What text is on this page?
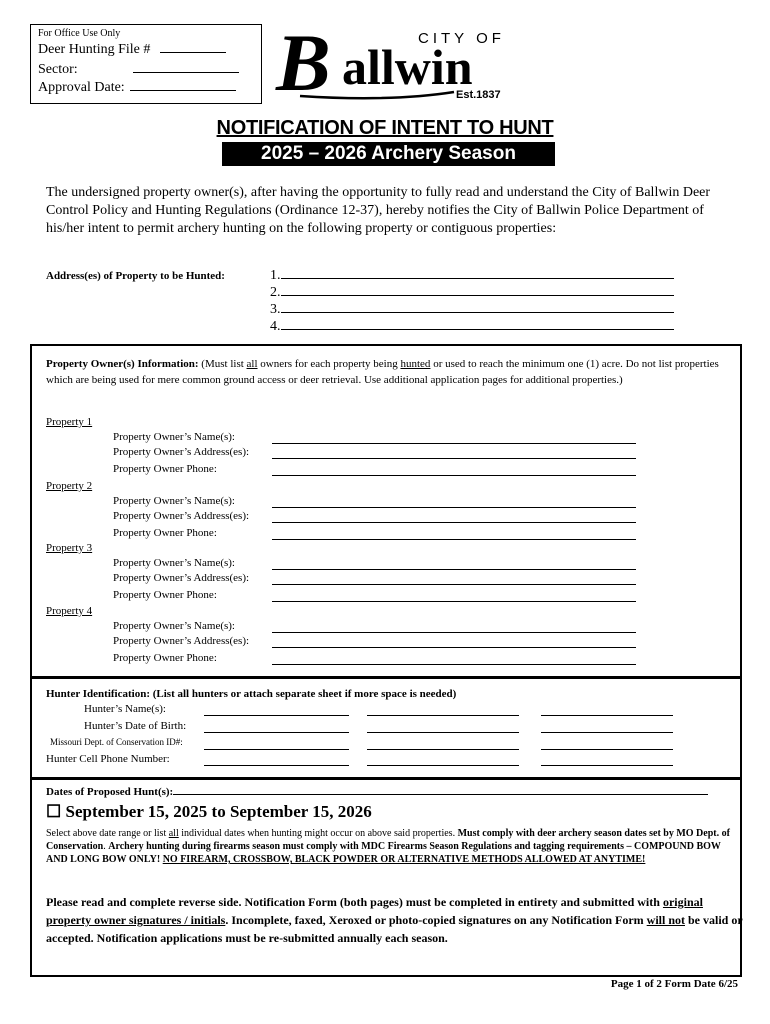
For Office Use Only
Deer Hunting File #
Sector:
Approval Date:	B	CITY OF
allwin
Est.1837
NOTIFICATION OF INTENT TO HUNT
2025 – 2026 Archery Season
The undersigned property owner(s), after having the opportunity to fully read and understand the City of Ballwin Deer Control Policy and Hunting Regulations (Ordinance 12-37), hereby notifies the City of Ballwin Police Department of his/her intent to permit archery hunting on the following property or contiguous properties:
Address(es) of Property to be Hunted:	1.
2.
3.
4.
Property Owner(s) Information: (Must list all owners for each property being hunted or used to reach the minimum one (1) acre. Do not list properties which are being used for mere common ground access or deer retrieval. Use additional application pages for additional properties.)
Property 1
Property Owner’s Name(s):
Property Owner’s Address(es):
Property Owner Phone:
Property 2
Property Owner’s Name(s):
Property Owner’s Address(es):
Property Owner Phone:
Property 3
Property Owner’s Name(s):
Property Owner’s Address(es):
Property Owner Phone:
Property 4
Property Owner’s Name(s):
Property Owner’s Address(es):
Property Owner Phone:
Hunter Identification: (List all hunters or attach separate sheet if more space is needed)
Hunter’s Name(s):
Hunter’s Date of Birth:
Missouri Dept. of Conservation ID#:
Hunter Cell Phone Number:
Dates of Proposed Hunt(s):
☐ September 15, 2025 to September 15, 2026
Select above date range or list all individual dates when hunting might occur on above said properties. Must comply with deer archery season dates set by MO Dept. of Conservation. Archery hunting during firearms season must comply with MDC Firearms Season Regulations and tagging requirements – COMPOUND BOW AND LONG BOW ONLY! NO FIREARM, CROSSBOW, BLACK POWDER OR ALTERNATIVE METHODS ALLOWED AT ANYTIME!
Please read and complete reverse side. Notification Form (both pages) must be completed in entirety and submitted with original property owner signatures / initials. Incomplete, faxed, Xeroxed or photo-copied signatures on any Notification Form will not be valid or accepted. Notification applications must be re-submitted annually each season.
Page 1 of 2 Form Date 6/25
